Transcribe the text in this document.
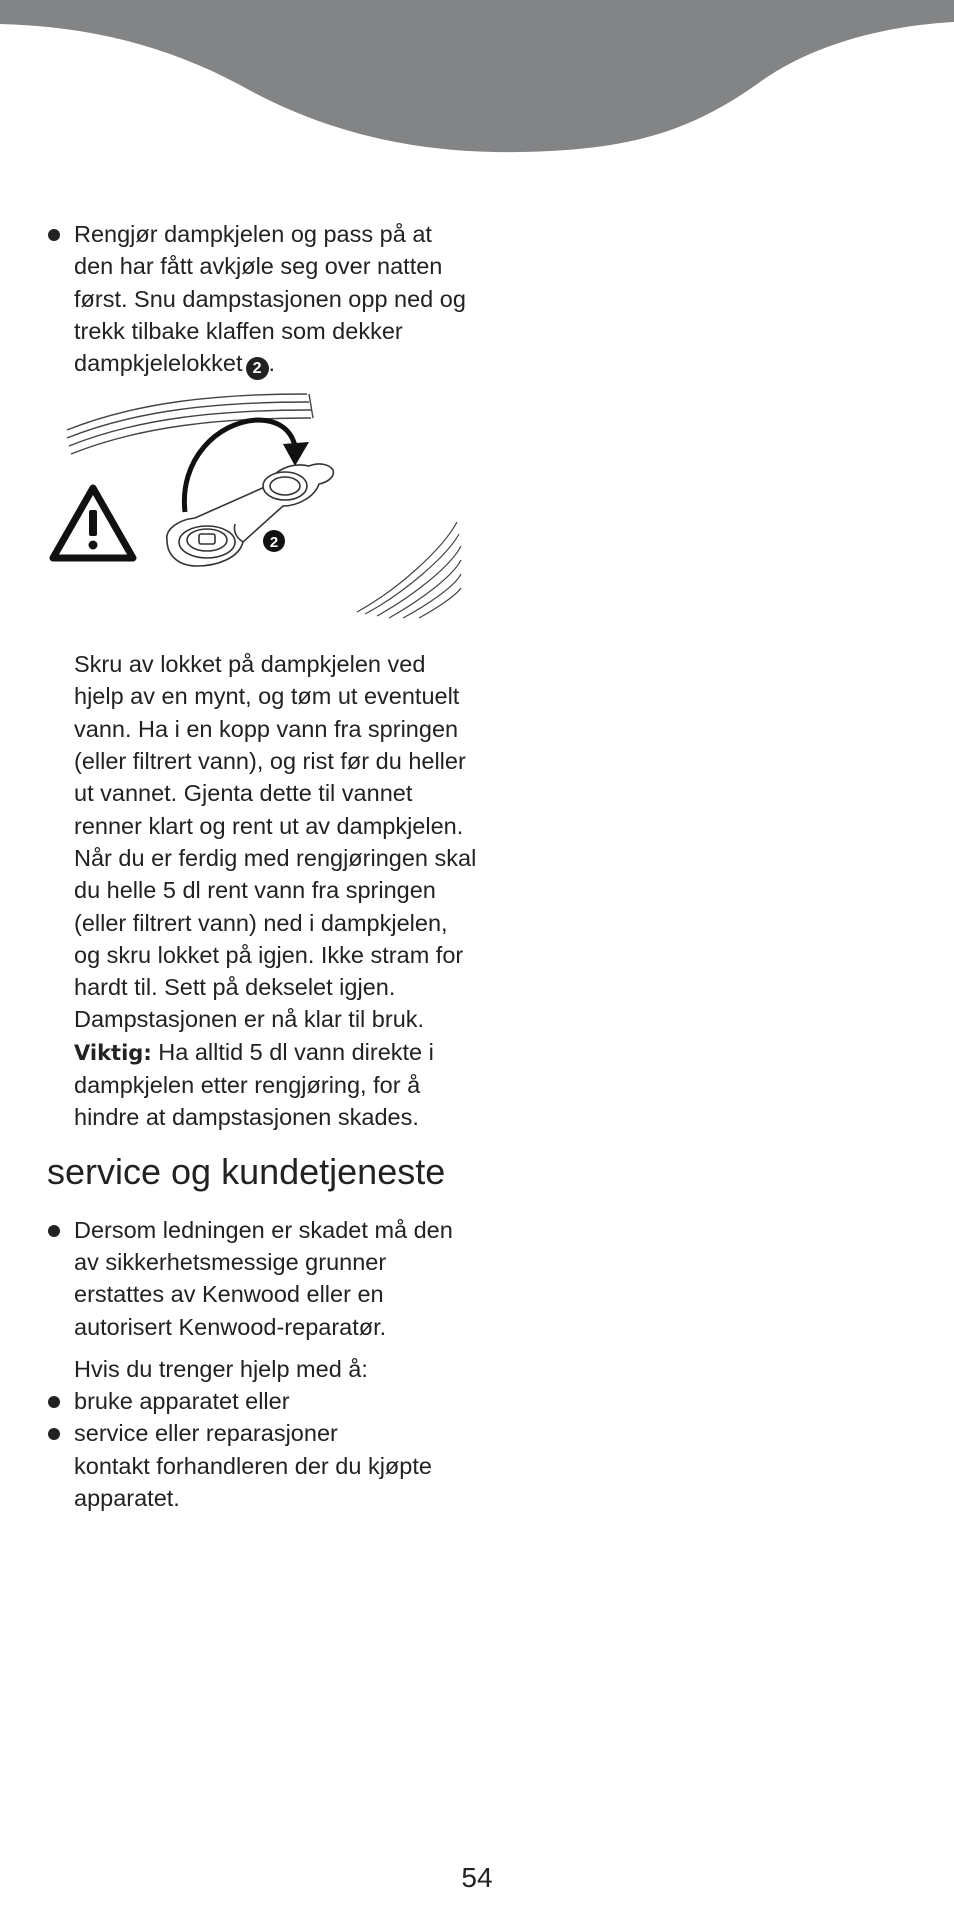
Rengjør dampkjelen og pass på at den har fått avkjøle seg over natten først. Snu dampstasjonen opp ned og trekk tilbake klaffen som dekker dampkjelelokket 2 .
2
Skru av lokket på dampkjelen ved hjelp av en mynt, og tøm ut eventuelt vann. Ha i en kopp vann fra springen (eller filtrert vann), og rist før du heller ut vannet. Gjenta dette til vannet renner klart og rent ut av dampkjelen.
Når du er ferdig med rengjøringen skal du helle 5 dl rent vann fra springen (eller filtrert vann) ned i dampkjelen, og skru lokket på igjen. Ikke stram for hardt til. Sett på dekselet igjen. Dampstasjonen er nå klar til bruk.
Viktig: Ha alltid 5 dl vann direkte i dampkjelen etter rengjøring, for å hindre at dampstasjonen skades.
service og kundetjeneste
Dersom ledningen er skadet må den av sikkerhetsmessige grunner erstattes av Kenwood eller en autorisert Kenwood-reparatør.
Hvis du trenger hjelp med å:
bruke apparatet eller
service eller reparasjoner
kontakt forhandleren der du kjøpte apparatet.
54
